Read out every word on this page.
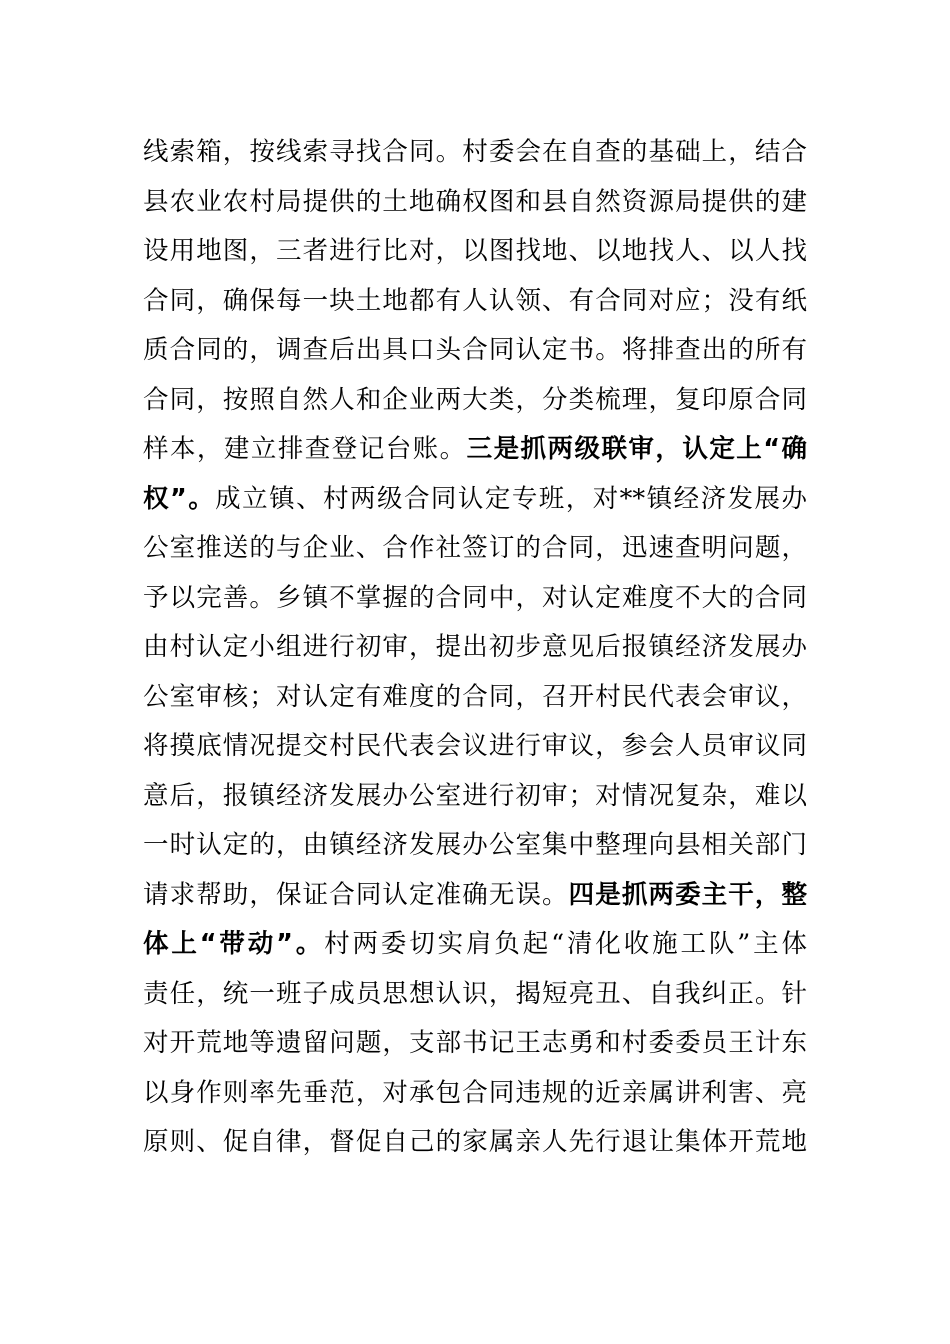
线索箱，按线索寻找合同。村委会在自查的基础上，结合
县农业农村局提供的土地确权图和县自然资源局提供的建
设用地图，三者进行比对，以图找地、以地找人、以人找
合同，确保每一块土地都有人认领、有合同对应；没有纸
质合同的，调查后出具口头合同认定书。将排查出的所有
合同，按照自然人和企业两大类，分类梳理，复印原合同
样本，建立排查登记台账。三是抓两级联审，认定上“确
权”。成立镇、村两级合同认定专班，对**镇经济发展办
公室推送的与企业、合作社签订的合同，迅速查明问题，
予以完善。乡镇不掌握的合同中，对认定难度不大的合同
由村认定小组进行初审，提出初步意见后报镇经济发展办
公室审核；对认定有难度的合同，召开村民代表会审议，
将摸底情况提交村民代表会议进行审议，参会人员审议同
意后，报镇经济发展办公室进行初审；对情况复杂，难以
一时认定的，由镇经济发展办公室集中整理向县相关部门
请求帮助，保证合同认定准确无误。四是抓两委主干，整
体上“带动”。村两委切实肩负起“清化收施工队”主体
责任，统一班子成员思想认识，揭短亮丑、自我纠正。针
对开荒地等遗留问题，支部书记王志勇和村委委员王计东
以身作则率先垂范，对承包合同违规的近亲属讲利害、亮
原则、促自律，督促自己的家属亲人先行退让集体开荒地
